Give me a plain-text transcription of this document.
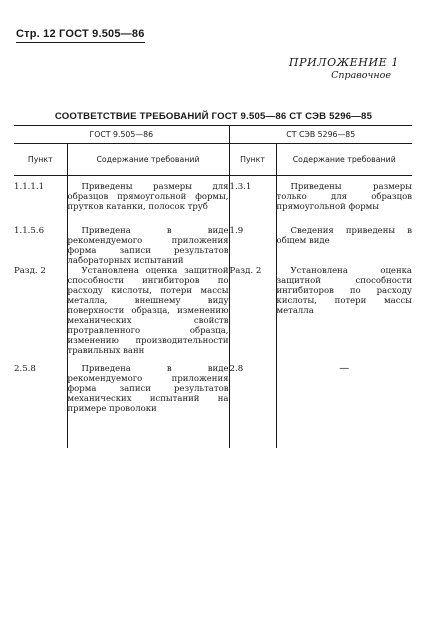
Стр. 12 ГОСТ 9.505—86
ПРИЛОЖЕНИЕ 1
Справочное
СООТВЕТСТВИЕ ТРЕБОВАНИЙ ГОСТ 9.505—86 СТ СЭВ 5296—85
ГОСТ 9.505—86		СТ СЭВ 5296—85	
Пункт	Содержание требований	Пункт	Содержание требований
1.1.1.1	Приведены размеры для образцов прямоугольной формы, прутков катанки, полосок труб	1.3.1	Приведены размеры только для образцов прямоугольной формы
1.1.5.6	Приведена в виде рекомендуемого приложения форма записи результатов лабораторных испытаний	1.9	Сведения приведены в общем виде
Разд. 2	Установлена оценка защитной способности ингибиторов по расходу кислоты, потери массы металла, внешнему виду поверхности образца, изменению механических свойств протравленного образца, изменению производительности травильных ванн	Разд. 2	Установлена оценка защитной способности ингибиторов по расходу кислоты, потери массы металла
2.5.8	Приведена в виде рекомендуемого приложения форма записи результатов механических испытаний на примере проволоки	2.8	—
